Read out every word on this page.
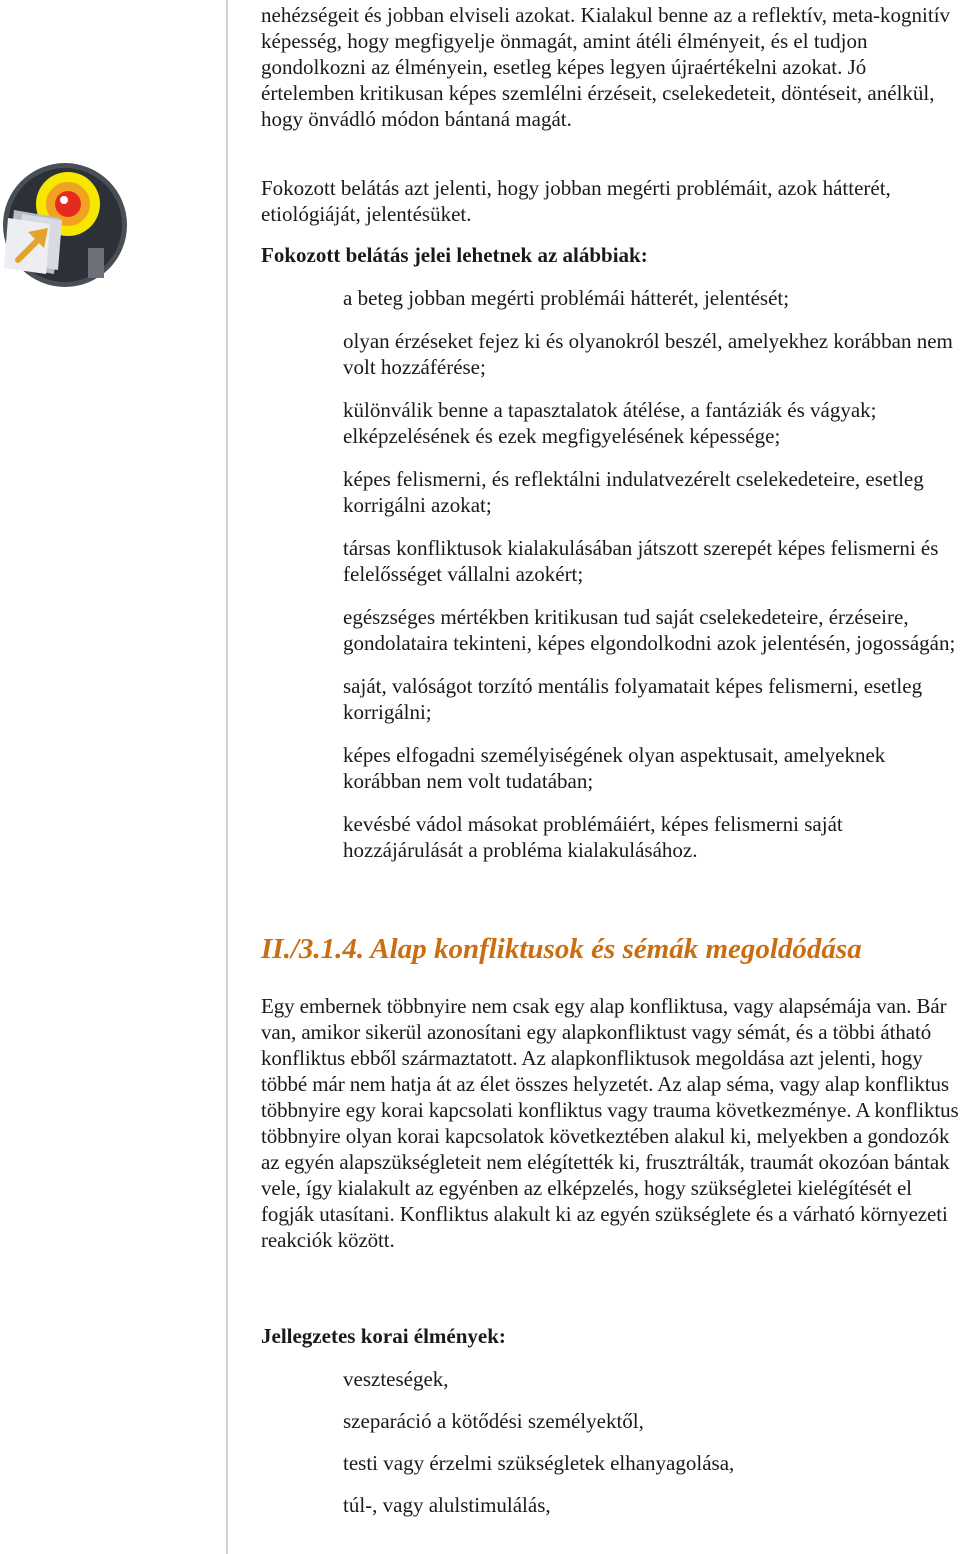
nehézségeit és jobban elviseli azokat. Kialakul benne az a reflektív, meta-kognitív képesség, hogy megfigyelje önmagát, amint átéli élményeit, és el tudjon gondolkozni az élményein, esetleg képes legyen újraértékelni azokat. Jó értelemben kritikusan képes szemlélni érzéseit, cselekedeteit, döntéseit, anélkül, hogy önvádló módon bántaná magát.

Fokozott belátás azt jelenti, hogy jobban megérti problémáit, azok hátterét, etiológiáját, jelentésüket.

Fokozott belátás jelei lehetnek az alábbiak:
a beteg jobban megérti problémái hátterét, jelentését;
olyan érzéseket fejez ki és olyanokról beszél, amelyekhez korábban nem volt hozzáférése;
különválik benne a tapasztalatok átélése, a fantáziák és vágyak; elképzelésének és ezek megfigyelésének képessége;
képes felismerni, és reflektálni indulatvezérelt cselekedeteire, esetleg korrigálni azokat;
társas konfliktusok kialakulásában játszott szerepét képes felismerni és felelősséget vállalni azokért;
egészséges mértékben kritikusan tud saját cselekedeteire, érzéseire, gondolataira tekinteni, képes elgondolkodni azok jelentésén, jogosságán;
saját, valóságot torzító mentális folyamatait képes felismerni, esetleg korrigálni;
képes elfogadni személyiségének olyan aspektusait, amelyeknek korábban nem volt tudatában;
kevésbé vádol másokat problémáiért, képes felismerni saját hozzájárulását a probléma kialakulásához.
II./3.1.4. Alap konfliktusok és sémák megoldódása

Egy embernek többnyire nem csak egy alap konfliktusa, vagy alapsémája van. Bár van, amikor sikerül azonosítani egy alapkonfliktust vagy sémát, és a többi átható konfliktus ebből származtatott. Az alapkonfliktusok megoldása azt jelenti, hogy többé már nem hatja át az élet összes helyzetét. Az alap séma, vagy alap konfliktus többnyire egy korai kapcsolati konfliktus vagy trauma következménye. A konfliktus többnyire olyan korai kapcsolatok következtében alakul ki, melyekben a gondozók az egyén alapszükségleteit nem elégítették ki, frusztrálták, traumát okozóan bántak vele, így kialakult az egyénben az elképzelés, hogy szükségletei kielégítését el fogják utasítani. Konfliktus alakult ki az egyén szükséglete és a várható környezeti reakciók között.

Jellegzetes korai élmények:
veszteségek,
szeparáció a kötődési személyektől,
testi vagy érzelmi szükségletek elhanyagolása,
túl-, vagy alulstimulálás,
